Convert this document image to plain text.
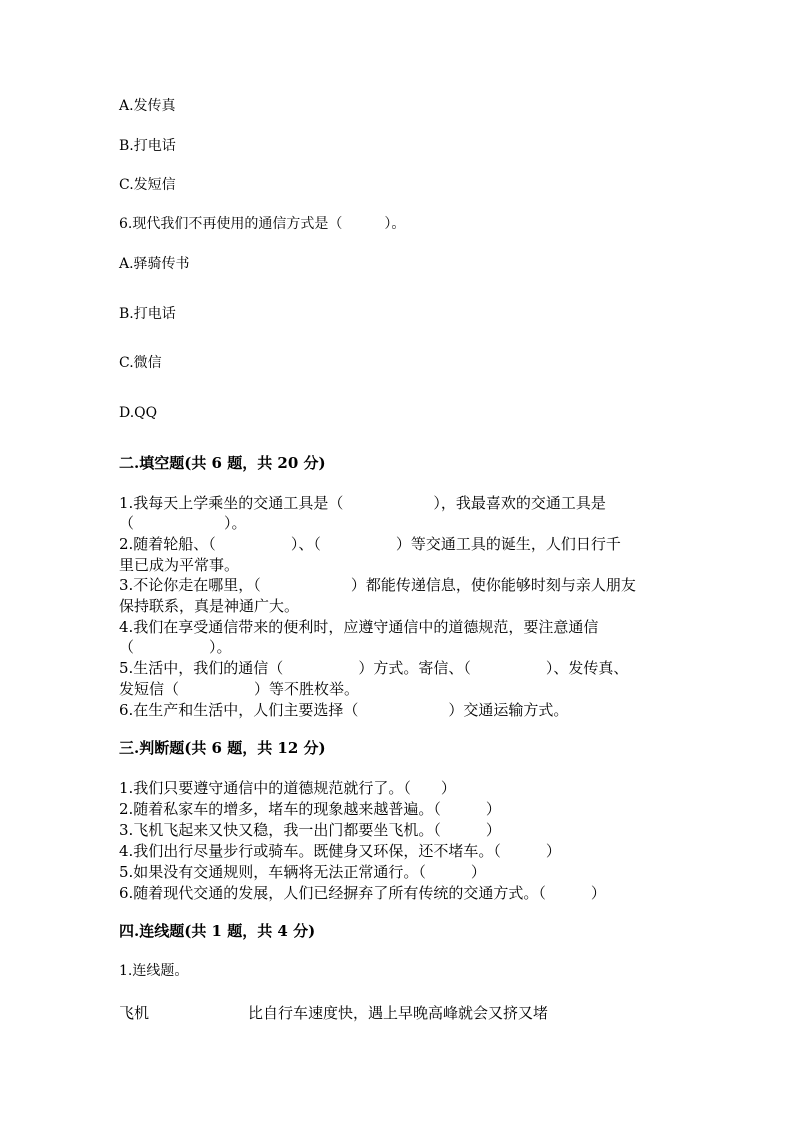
A.发传真
B.打电话
C.发短信
6.现代我们不再使用的通信方式是（　　　）。
A.驿骑传书
B.打电话
C.微信
D.QQ
二.填空题(共 6 题，共 20 分)
1.我每天上学乘坐的交通工具是（　　　　　　），我最喜欢的交通工具是
（　　　　　　）。
2.随着轮船、（　　　　　）、（　　　　　）等交通工具的诞生，人们日行千
里已成为平常事。
3.不论你走在哪里，（　　　　　　）都能传递信息，使你能够时刻与亲人朋友
保持联系，真是神通广大。
4.我们在享受通信带来的便利时，应遵守通信中的道德规范，要注意通信
（　　　　　）。
5.生活中，我们的通信（　　　　　）方式。寄信、（　　　　　）、发传真、
发短信（　　　　　）等不胜枚举。
6.在生产和生活中，人们主要选择（　　　　　　）交通运输方式。
三.判断题(共 6 题，共 12 分)
1.我们只要遵守通信中的道德规范就行了。（　　）
2.随着私家车的增多，堵车的现象越来越普遍。（　　　）
3.飞机飞起来又快又稳，我一出门都要坐飞机。（　　　）
4.我们出行尽量步行或骑车。既健身又环保，还不堵车。（　　　）
5.如果没有交通规则，车辆将无法正常通行。（　　　）
6.随着现代交通的发展，人们已经摒弃了所有传统的交通方式。（　　　）
四.连线题(共 1 题，共 4 分)
1.连线题。
飞机	比自行车速度快，遇上早晚高峰就会又挤又堵
